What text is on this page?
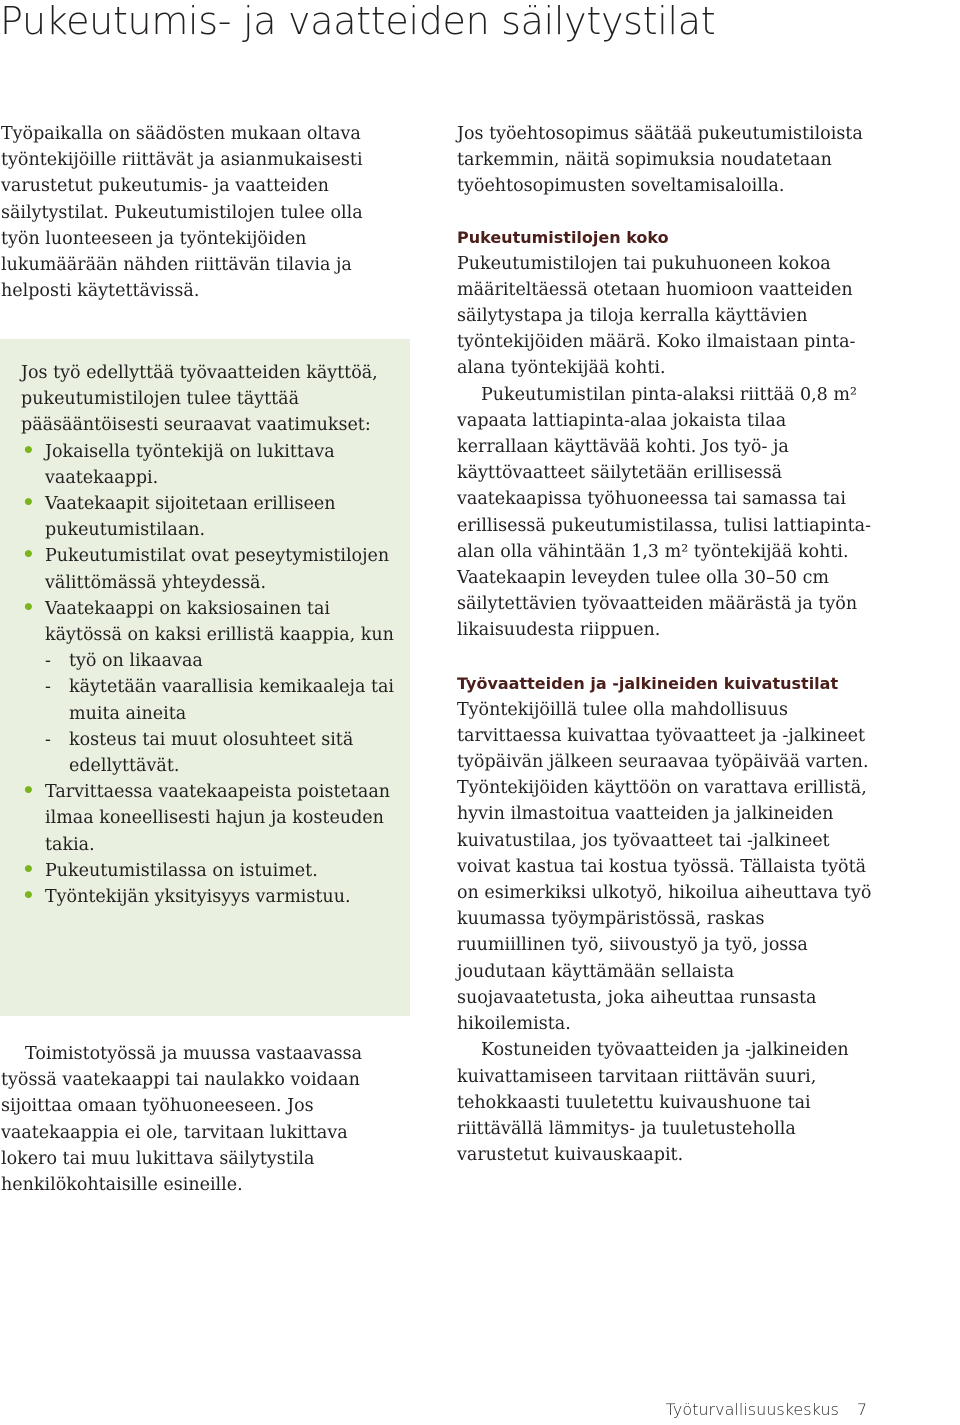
Pukeutumis- ja vaatteiden säilytystilat

Työpaikalla on säädösten mukaan oltava työntekijöille riittävät ja asianmukaisesti varustetut pukeutumis- ja vaatteiden säilytystilat. Pukeutumistilojen tulee olla työn luonteeseen ja työntekijöiden lukumäärään nähden riittävän tilavia ja helposti käytettävissä.

Jos työ edellyttää työvaatteiden käyttöä, pukeutumistilojen tulee täyttää pääsääntöisesti seuraavat vaatimukset:

• Jokaisella työntekijä on lukittava vaatekaappi.
• Vaatekaapit sijoitetaan erilliseen pukeutumistilaan.
• Pukeutumistilat ovat peseytymistilojen välittömässä yhteydessä.
• Vaatekaappi on kaksiosainen tai käytössä on kaksi erillistä kaappia, kun
- työ on likaavaa
- käytetään vaarallisia kemikaaleja tai muita aineita
- kosteus tai muut olosuhteet sitä edellyttävät.
• Tarvittaessa vaatekaapeista poistetaan ilmaa koneellisesti hajun ja kosteuden takia.
• Pukeutumistilassa on istuimet.
• Työntekijän yksityisyys varmistuu.

Toimistotyössä ja muussa vastaavassa työssä vaatekaappi tai naulakko voidaan sijoittaa omaan työhuoneeseen. Jos vaatekaappia ei ole, tarvitaan lukittava lokero tai muu lukittava säilytystila henkilökohtaisille esineille.

Jos työehtosopimus säätää pukeutumistiloista tarkemmin, näitä sopimuksia noudatetaan työehtosopimusten soveltamisaloilla.

Pukeutumistilojen koko

Pukeutumistilojen tai pukuhuoneen kokoa määriteltäessä otetaan huomioon vaatteiden säilytystapa ja tiloja kerralla käyttävien työntekijöiden määrä. Koko ilmaistaan pinta-alana työntekijää kohti.

Pukeutumistilan pinta-alaksi riittää 0,8 m² vapaata lattiapinta-alaa jokaista tilaa kerrallaan käyttävää kohti. Jos työ- ja käyttövaatteet säilytetään erillisessä vaatekaapissa työhuoneessa tai samassa tai erillisessä pukeutumistilassa, tulisi lattiapinta-alan olla vähintään 1,3 m² työntekijää kohti. Vaatekaapin leveyden tulee olla 30–50 cm säilytettävien työvaatteiden määrästä ja työn likaisuudesta riippuen.

Työvaatteiden ja -jalkineiden kuivatustilat

Työntekijöillä tulee olla mahdollisuus tarvittaessa kuivattaa työvaatteet ja -jalkineet työpäivän jälkeen seuraavaa työpäivää varten. Työntekijöiden käyttöön on varattava erillistä, hyvin ilmastoitua vaatteiden ja jalkineiden kuivatustilaa, jos työvaatteet tai -jalkineet voivat kastua tai kostua työssä. Tällaista työtä on esimerkiksi ulkotyö, hikoilua aiheuttava työ kuumassa työympäristössä, raskas ruumiillinen työ, siivoustyö ja työ, jossa joudutaan käyttämään sellaista suojavaatetusta, joka aiheuttaa runsasta hikoilemista.

Kostuneiden työvaatteiden ja -jalkineiden kuivattamiseen tarvitaan riittävän suuri, tehokkaasti tuuletettu kuivaushuone tai riittävällä lämmitys- ja tuuletusteholla varustetut kuivauskaapit.

Työturvallisuuskeskus 7
